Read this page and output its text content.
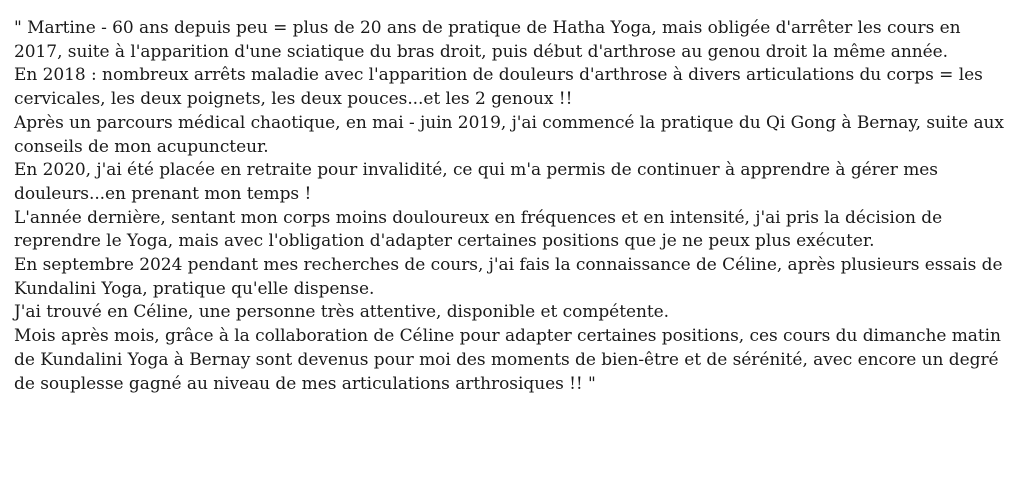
" Martine - 60 ans depuis peu = plus de 20 ans de pratique de Hatha Yoga, mais obligée d'arrêter les cours en 2017, suite à l'apparition d'une sciatique du bras droit, puis début d'arthrose au genou droit la même année.

En 2018 : nombreux arrêts maladie avec l'apparition de douleurs d'arthrose à divers articulations du corps = les cervicales, les deux poignets, les deux pouces...et les 2 genoux !!

Après un parcours médical chaotique, en mai - juin 2019, j'ai commencé la pratique du Qi Gong à Bernay, suite aux conseils de mon acupuncteur.

En 2020, j'ai été placée en retraite pour invalidité, ce qui m'a permis de continuer à apprendre à gérer mes douleurs...en prenant mon temps !

L'année dernière, sentant mon corps moins douloureux en fréquences et en intensité, j'ai pris la décision de reprendre le Yoga, mais avec l'obligation d'adapter certaines positions que je ne peux plus exécuter.

En septembre 2024 pendant mes recherches de cours, j'ai fais la connaissance de Céline, après plusieurs essais de Kundalini Yoga, pratique qu'elle dispense.

J'ai trouvé en Céline, une personne très attentive, disponible et compétente.

Mois après mois, grâce à la collaboration de Céline pour adapter certaines positions, ces cours du dimanche matin de Kundalini Yoga à Bernay sont devenus pour moi des moments de bien-être et de sérénité, avec encore un degré de souplesse gagné au niveau de mes articulations arthrosiques !! "
